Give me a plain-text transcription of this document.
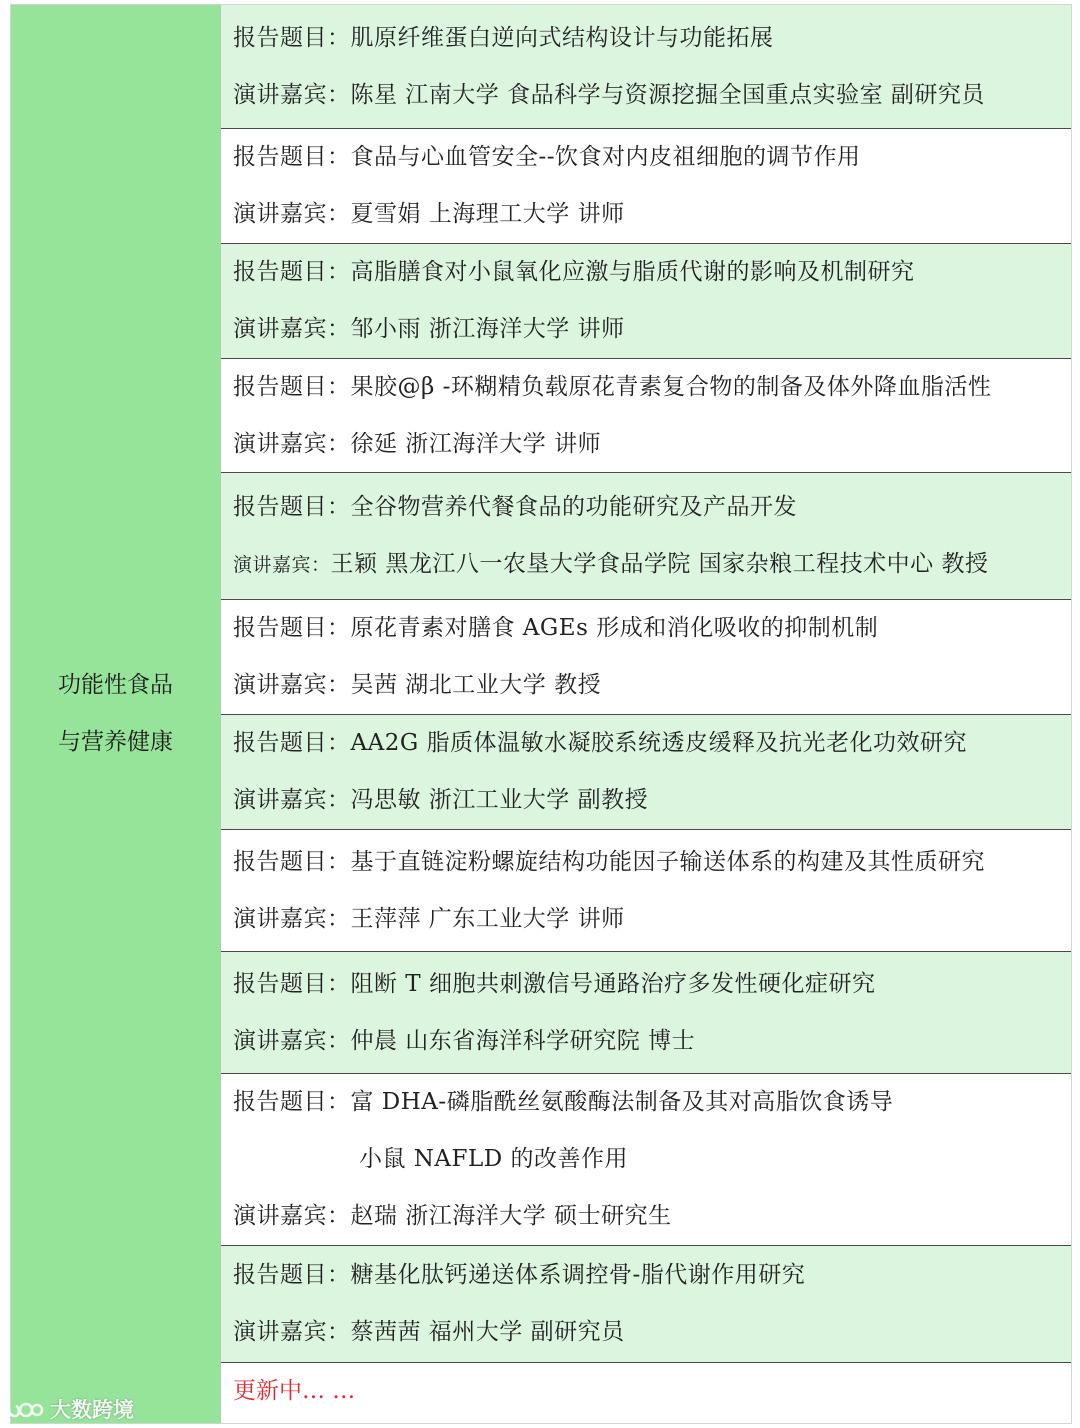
功能性食品
与营养健康
报告题目：肌原纤维蛋白逆向式结构设计与功能拓展
演讲嘉宾：陈星 江南大学 食品科学与资源挖掘全国重点实验室 副研究员
报告题目：食品与心血管安全--饮食对内皮祖细胞的调节作用
演讲嘉宾：夏雪娟 上海理工大学 讲师
报告题目：高脂膳食对小鼠氧化应激与脂质代谢的影响及机制研究
演讲嘉宾：邹小雨 浙江海洋大学 讲师
报告题目：果胶@β -环糊精负载原花青素复合物的制备及体外降血脂活性
演讲嘉宾：徐延 浙江海洋大学 讲师
报告题目：全谷物营养代餐食品的功能研究及产品开发
演讲嘉宾：王颖 黑龙江八一农垦大学食品学院 国家杂粮工程技术中心 教授
报告题目：原花青素对膳食 AGEs 形成和消化吸收的抑制机制
演讲嘉宾：吴茜 湖北工业大学 教授
报告题目：AA2G 脂质体温敏水凝胶系统透皮缓释及抗光老化功效研究
演讲嘉宾：冯思敏 浙江工业大学 副教授
报告题目：基于直链淀粉螺旋结构功能因子输送体系的构建及其性质研究
演讲嘉宾：王萍萍 广东工业大学 讲师
报告题目：阻断 T 细胞共刺激信号通路治疗多发性硬化症研究
演讲嘉宾：仲晨 山东省海洋科学研究院 博士
报告题目：富 DHA-磷脂酰丝氨酸酶法制备及其对高脂饮食诱导
小鼠 NAFLD 的改善作用
演讲嘉宾：赵瑞 浙江海洋大学 硕士研究生
报告题目：糖基化肽钙递送体系调控骨-脂代谢作用研究
演讲嘉宾：蔡茜茜 福州大学 副研究员
更新中… …
大数跨境
